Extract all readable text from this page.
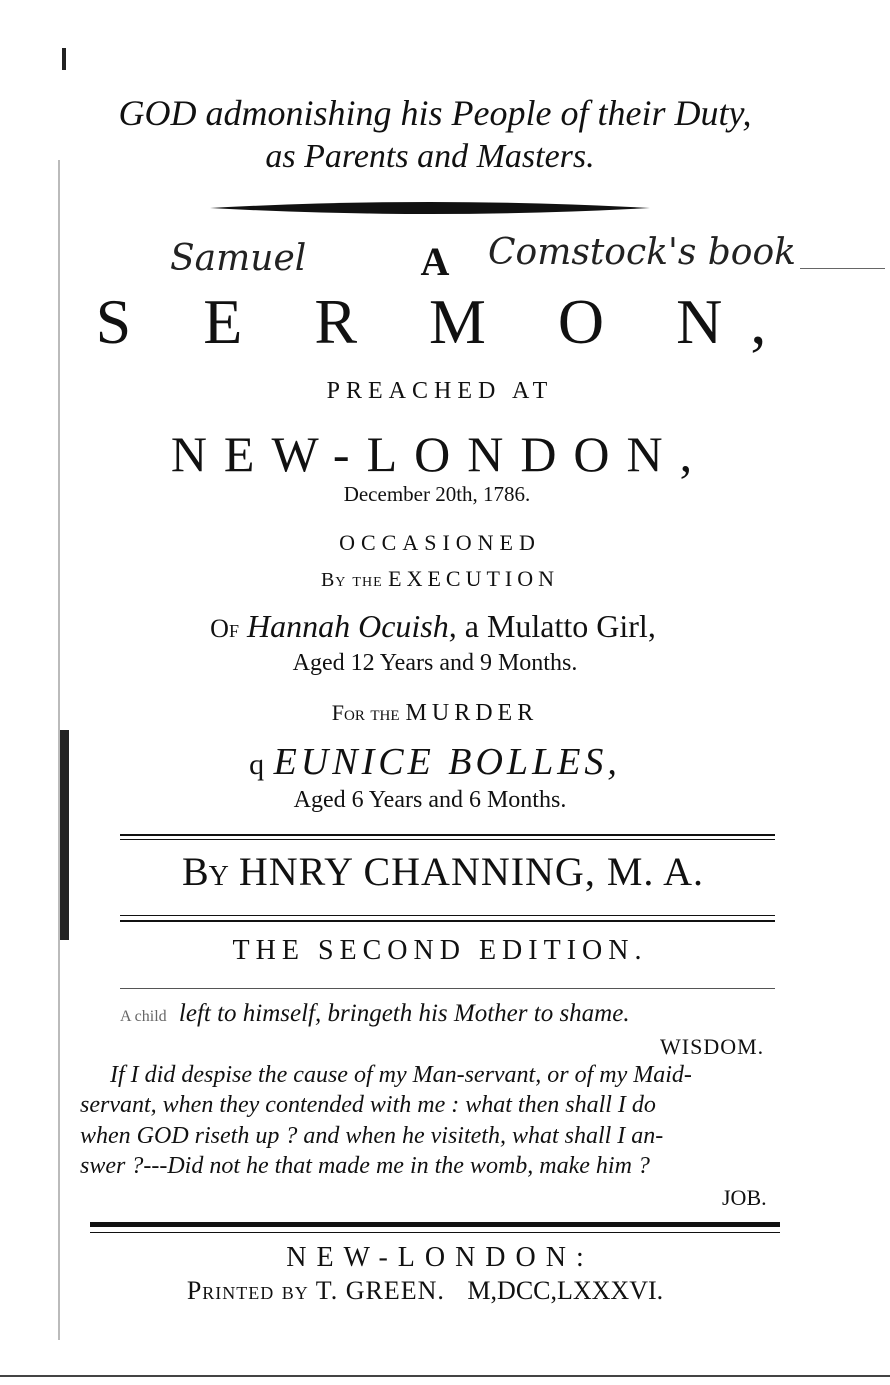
GOD admonishing his People of their Duty,
as Parents and Masters.
Samuel	Comstock's book
A
S E R M O N,
PREACHED AT
NEW-LONDON,
December 20th, 1786.
OCCASIONED
By the EXECUTION
Of Hannah Ocuish, a Mulatto Girl,
Aged 12 Years and 9 Months.
For the MURDER
q EUNICE BOLLES,
Aged 6 Years and 6 Months.
By HNRY CHANNING, M. A.
THE SECOND EDITION.
A child left to himself, bringeth his Mother to shame.
WISDOM.
If I did despise the cause of my Man-servant, or of my Maid-
servant, when they contended with me : what then shall I do
when GOD riseth up ? and when he visiteth, what shall I an-
swer ?---Did not he that made me in the womb, make him ?
JOB.
NEW-LONDON:
Printed by T. GREEN. M,DCC,LXXXVI.
